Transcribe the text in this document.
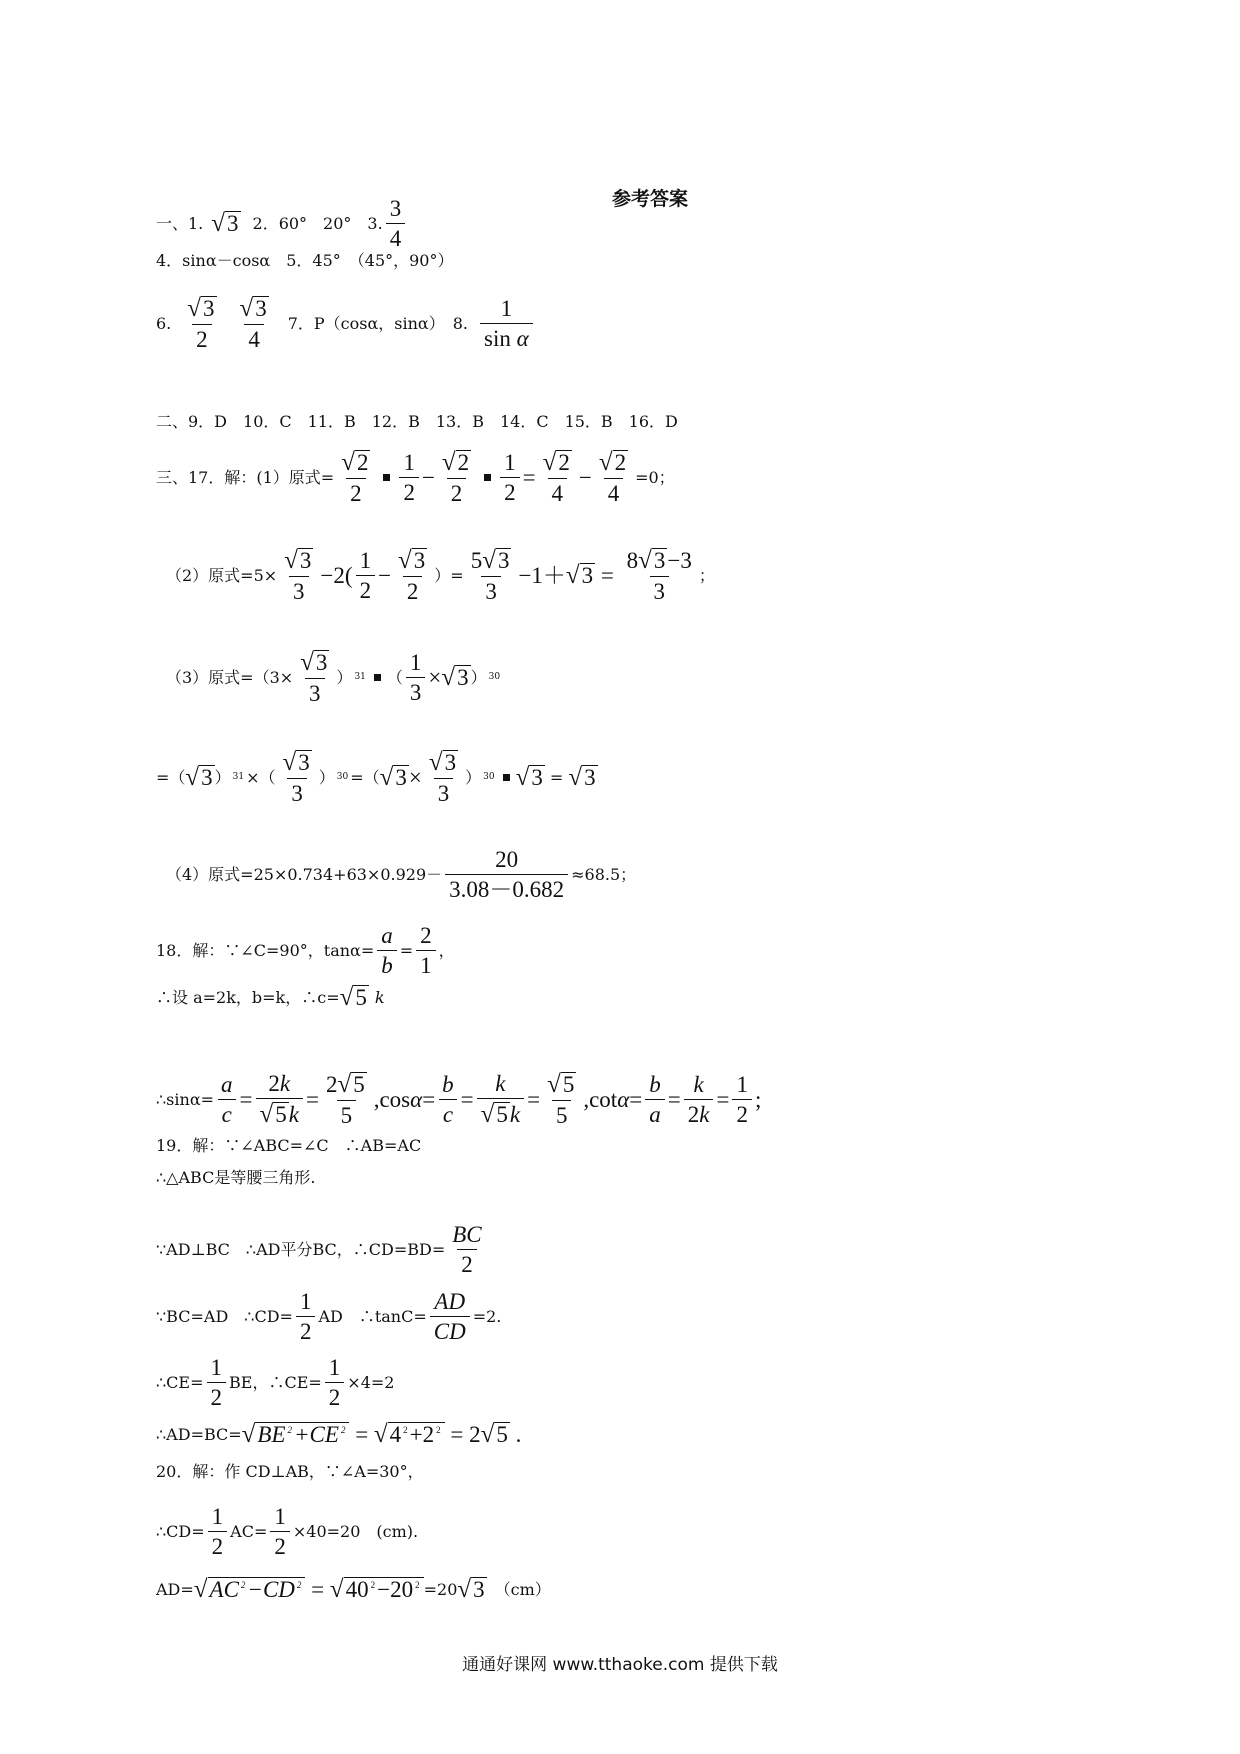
参考答案
一、1. √ 3 2．60°　20°　3. $\frac{3}{4}$
4．sinα－cosα　5．45°　（45°，90°）
6. $\frac{√3}{2} \frac{√3}{4} 7$．P（cosα，sinα）　8. $\frac{1}{\text{sin α}}$
二、9．D　10．C　11．B　12．B　13．B　14．C　15．B　16．D
三、17．解：(1）原式= $\frac{√2}{2} \frac{1}{2} - \frac{√2}{2} \frac{1}{2} = \frac{√2}{4} - \frac{√2}{4} =0$；
（2）原式$=5\times \frac{√3}{3} -2( \frac{1}{2} - \frac{√3}{2}$ ）= $\frac{5√3}{3} -1+$ √ $3 = \frac{8√3-3}{3}$ ；
（3）原式$=(3\times \frac{√3}{3}$ ） 31 （ $\frac{1}{3}$ × √ 3 ） 30
=（ √ 3 ） 31 ×（ $\frac{√3}{3}$ ） 30 =（ √ $3 \times \frac{√3}{3}$ ） 30 √ 3 = √ 3
（4）原式$=25\times 0.734+63\times 0.929- \frac{20}{3.08-0.682} \approx 68.5$；
18．解：∵∠C=90°，$\tan\alpha= \frac{a}{b} = \frac{2}{1}$ ，
∴设 a=2k，b=k，∴c= √ 5 k
∴sinα= $\frac{a}{c} = \frac{2k}{√5k} = \frac{2√5}{5} ,\cos\alpha= \frac{b}{c} = \frac{k}{√5k} = \frac{√5}{5} ,\cot\alpha= \frac{b}{a} = \frac{k}{2k} = \frac{1}{2}$ ;
19．解：∵∠ABC=∠C　∴AB=AC
∴△ABC是等腰三角形.
∵AD⊥BC　∴AD平分BC，∴CD=BD= $\frac{BC}{2}$
∵BC=AD　∴CD= $\frac{1}{2}$ AD　∴tanC= $\frac{AD}{CD} =2$.
∴CE= $\frac{1}{2}$ BE，∴CE= $\frac{1}{2} \times 4=2$
∴AD=BC= √ BE $^2$+CE $^2$ = √ 4 $^2$+2 $^2$ = 2 √ 5 .
20．解：作 CD⊥AB，∵∠A=30°，
∴CD= $\frac{1}{2} AC= \frac{1}{2} \times 40=20$　(cm).
AD= √ AC $^2$−CD $^2$ = √ 40 $^2$−20 $^2$ =20 √ 3 （cm）
通通好课网 www.tthaoke.com 提供下载
